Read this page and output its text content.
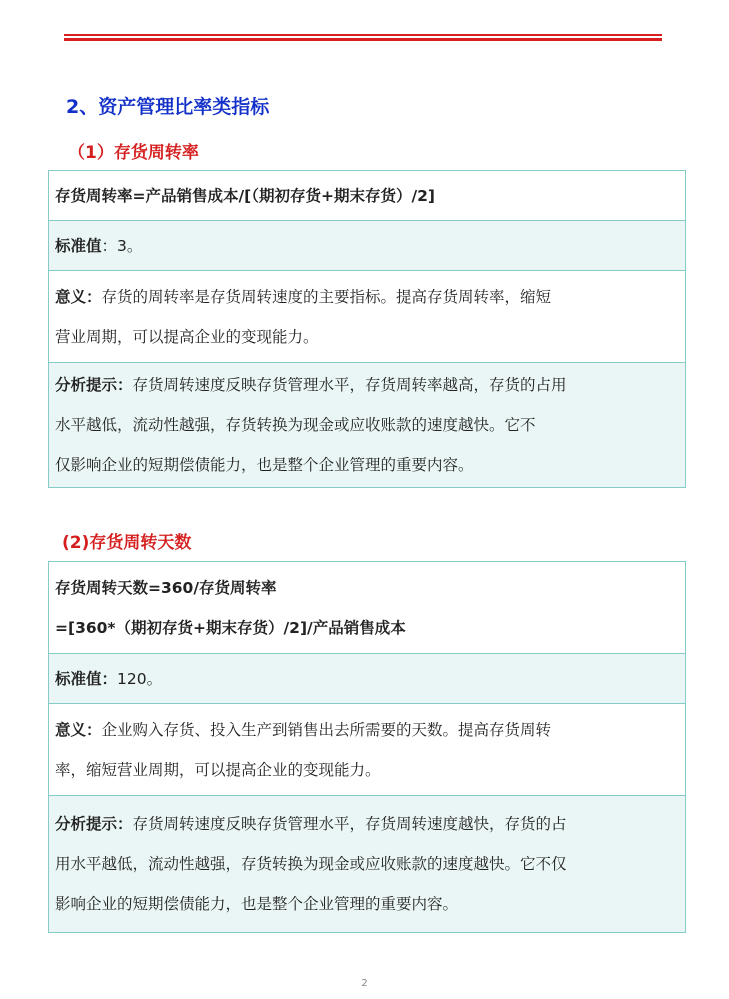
2、资产管理比率类指标
（1）存货周转率
存货周转率=产品销售成本/[（期初存货+期末存货）/2]
标准值：3。
意义：存货的周转率是存货周转速度的主要指标。提高存货周转率，缩短
营业周期，可以提高企业的变现能力。
分析提示：存货周转速度反映存货管理水平，存货周转率越高，存货的占用
水平越低，流动性越强，存货转换为现金或应收账款的速度越快。它不
仅影响企业的短期偿债能力，也是整个企业管理的重要内容。
(2)存货周转天数
存货周转天数=360/存货周转率
=[360*（期初存货+期末存货）/2]/产品销售成本
标准值：120。
意义：企业购入存货、投入生产到销售出去所需要的天数。提高存货周转
率，缩短营业周期，可以提高企业的变现能力。
分析提示：存货周转速度反映存货管理水平，存货周转速度越快，存货的占
用水平越低，流动性越强，存货转换为现金或应收账款的速度越快。它不仅
影响企业的短期偿债能力，也是整个企业管理的重要内容。
2
